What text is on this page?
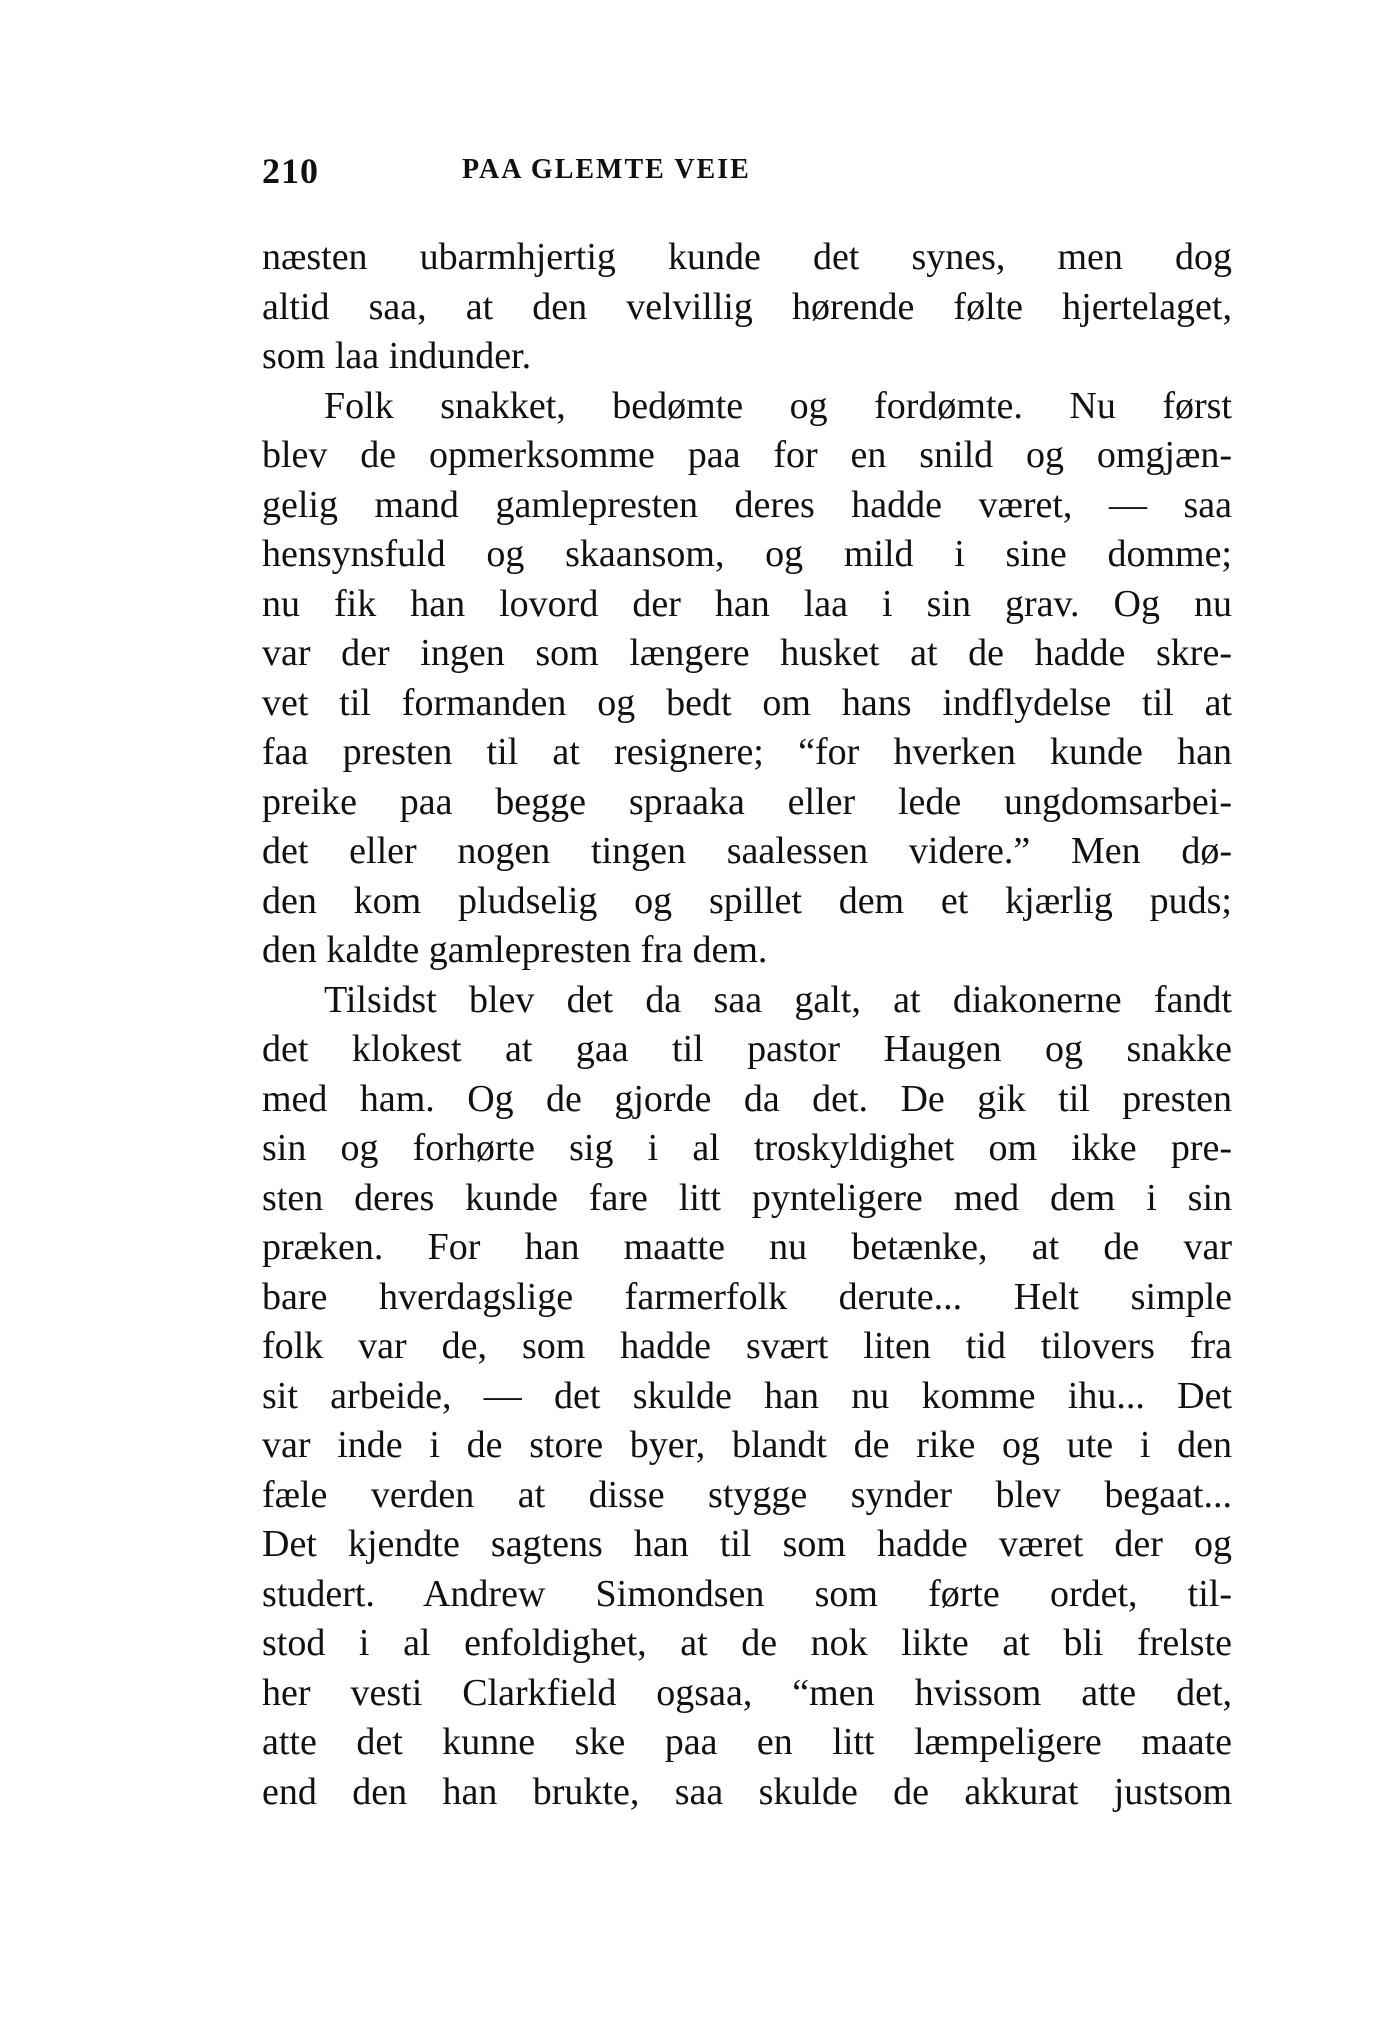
210	PAA GLEMTE VEIE
næsten ubarmhjertig kunde det synes, men dog
altid saa, at den velvillig hørende følte hjertelaget,
som laa indunder.
Folk snakket, bedømte og fordømte. Nu først
blev de opmerksomme paa for en snild og omgjæn-
gelig mand gamlepresten deres hadde været, — saa
hensynsfuld og skaansom, og mild i sine domme;
nu fik han lovord der han laa i sin grav. Og nu
var der ingen som længere husket at de hadde skre-
vet til formanden og bedt om hans indflydelse til at
faa presten til at resignere; “for hverken kunde han
preike paa begge spraaka eller lede ungdomsarbei-
det eller nogen tingen saalessen videre.” Men dø-
den kom pludselig og spillet dem et kjærlig puds;
den kaldte gamlepresten fra dem.
Tilsidst blev det da saa galt, at diakonerne fandt
det klokest at gaa til pastor Haugen og snakke
med ham. Og de gjorde da det. De gik til presten
sin og forhørte sig i al troskyldighet om ikke pre-
sten deres kunde fare litt pynteligere med dem i sin
præken. For han maatte nu betænke, at de var
bare hverdagslige farmerfolk derute... Helt simple
folk var de, som hadde svært liten tid tilovers fra
sit arbeide, — det skulde han nu komme ihu... Det
var inde i de store byer, blandt de rike og ute i den
fæle verden at disse stygge synder blev begaat...
Det kjendte sagtens han til som hadde været der og
studert. Andrew Simondsen som førte ordet, til-
stod i al enfoldighet, at de nok likte at bli frelste
her vesti Clarkfield ogsaa, “men hvissom atte det,
atte det kunne ske paa en litt læmpeligere maate
end den han brukte, saa skulde de akkurat justsom
